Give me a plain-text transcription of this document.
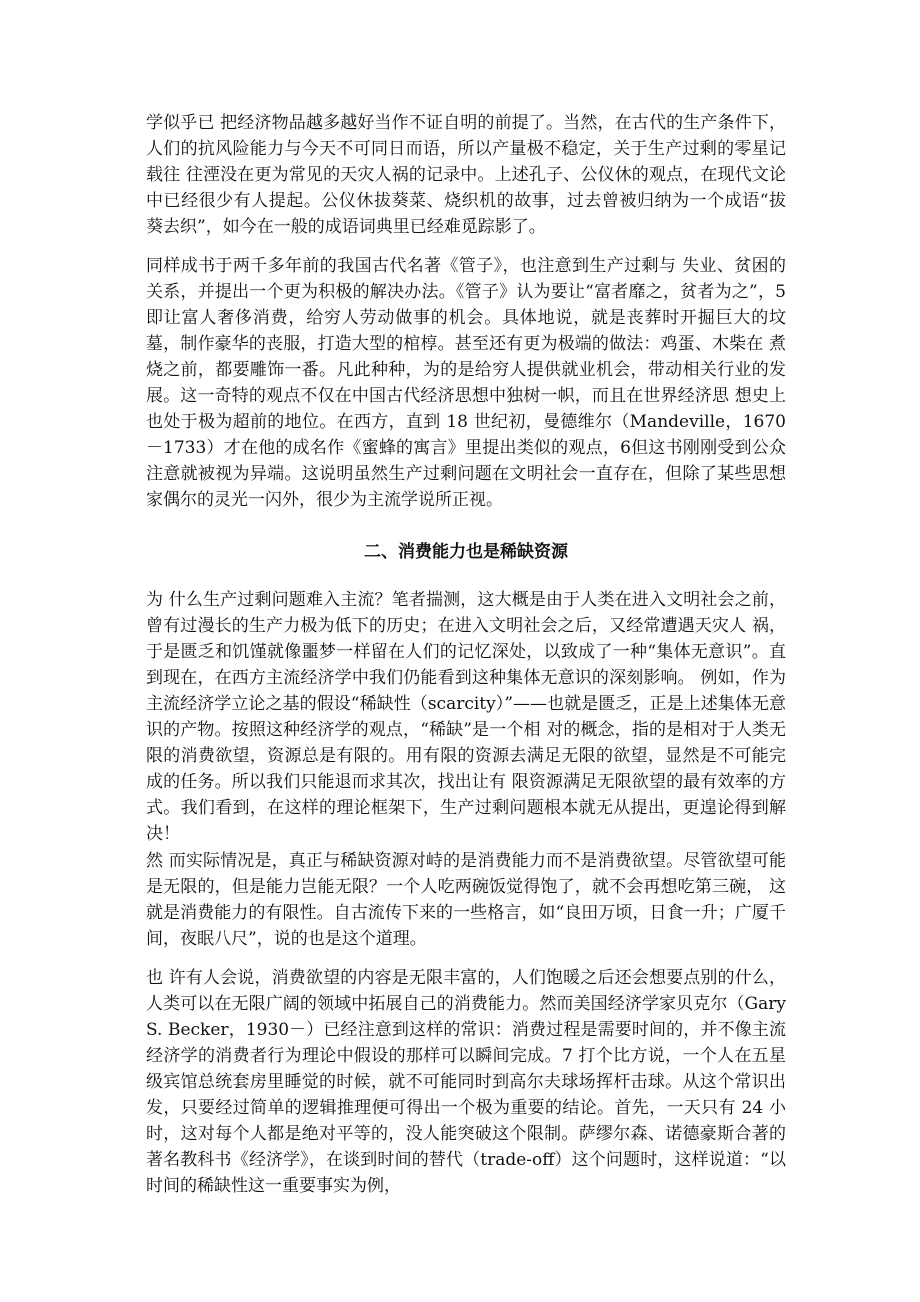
学似乎已 把经济物品越多越好当作不证自明的前提了。当然，在古代的生产条件下，人们的抗风险能力与今天不可同日而语，所以产量极不稳定，关于生产过剩的零星记载往 往湮没在更为常见的天灾人祸的记录中。上述孔子、公仪休的观点，在现代文论中已经很少有人提起。公仪休拔葵菜、烧织机的故事，过去曾被归纳为一个成语“拔 葵去织”，如今在一般的成语词典里已经难觅踪影了。

同样成书于两千多年前的我国古代名著《管子》，也注意到生产过剩与 失业、贫困的关系，并提出一个更为积极的解决办法。《管子》认为要让“富者靡之，贫者为之”，5 即让富人奢侈消费，给穷人劳动做事的机会。具体地说，就是丧葬时开掘巨大的坟墓，制作豪华的丧服，打造大型的棺椁。甚至还有更为极端的做法：鸡蛋、木柴在 煮烧之前，都要雕饰一番。凡此种种，为的是给穷人提供就业机会，带动相关行业的发展。这一奇特的观点不仅在中国古代经济思想中独树一帜，而且在世界经济思 想史上也处于极为超前的地位。在西方，直到 18 世纪初，曼德维尔（Mandeville，1670－1733）才在他的成名作《蜜蜂的寓言》里提出类似的观点，6但这书刚刚受到公众注意就被视为异端。这说明虽然生产过剩问题在文明社会一直存在，但除了某些思想家偶尔的灵光一闪外，很少为主流学说所正视。

二、消费能力也是稀缺资源

为 什么生产过剩问题难入主流？笔者揣测，这大概是由于人类在进入文明社会之前，曾有过漫长的生产力极为低下的历史；在进入文明社会之后，又经常遭遇天灾人 祸，于是匮乏和饥馑就像噩梦一样留在人们的记忆深处，以致成了一种“集体无意识”。直到现在，在西方主流经济学中我们仍能看到这种集体无意识的深刻影响。 例如，作为主流经济学立论之基的假设“稀缺性（scarcity）”——也就是匮乏，正是上述集体无意识的产物。按照这种经济学的观点，“稀缺”是一个相 对的概念，指的是相对于人类无限的消费欲望，资源总是有限的。用有限的资源去满足无限的欲望，显然是不可能完成的任务。所以我们只能退而求其次，找出让有 限资源满足无限欲望的最有效率的方式。我们看到，在这样的理论框架下，生产过剩问题根本就无从提出，更遑论得到解决！

然 而实际情况是，真正与稀缺资源对峙的是消费能力而不是消费欲望。尽管欲望可能是无限的，但是能力岂能无限？一个人吃两碗饭觉得饱了，就不会再想吃第三碗， 这就是消费能力的有限性。自古流传下来的一些格言，如“良田万顷，日食一升；广厦千间，夜眠八尺”，说的也是这个道理。

也 许有人会说，消费欲望的内容是无限丰富的，人们饱暖之后还会想要点别的什么，人类可以在无限广阔的领域中拓展自己的消费能力。然而美国经济学家贝克尔（Gary S. Becker，1930－）已经注意到这样的常识：消费过程是需要时间的，并不像主流经济学的消费者行为理论中假设的那样可以瞬间完成。7 打个比方说，一个人在五星级宾馆总统套房里睡觉的时候，就不可能同时到高尔夫球场挥杆击球。从这个常识出发，只要经过简单的逻辑推理便可得出一个极为重要的结论。首先，一天只有 24 小时，这对每个人都是绝对平等的，没人能突破这个限制。萨缪尔森、诺德豪斯合著的著名教科书《经济学》，在谈到时间的替代（trade-off）这个问题时，这样说道：“以时间的稀缺性这一重要事实为例，
